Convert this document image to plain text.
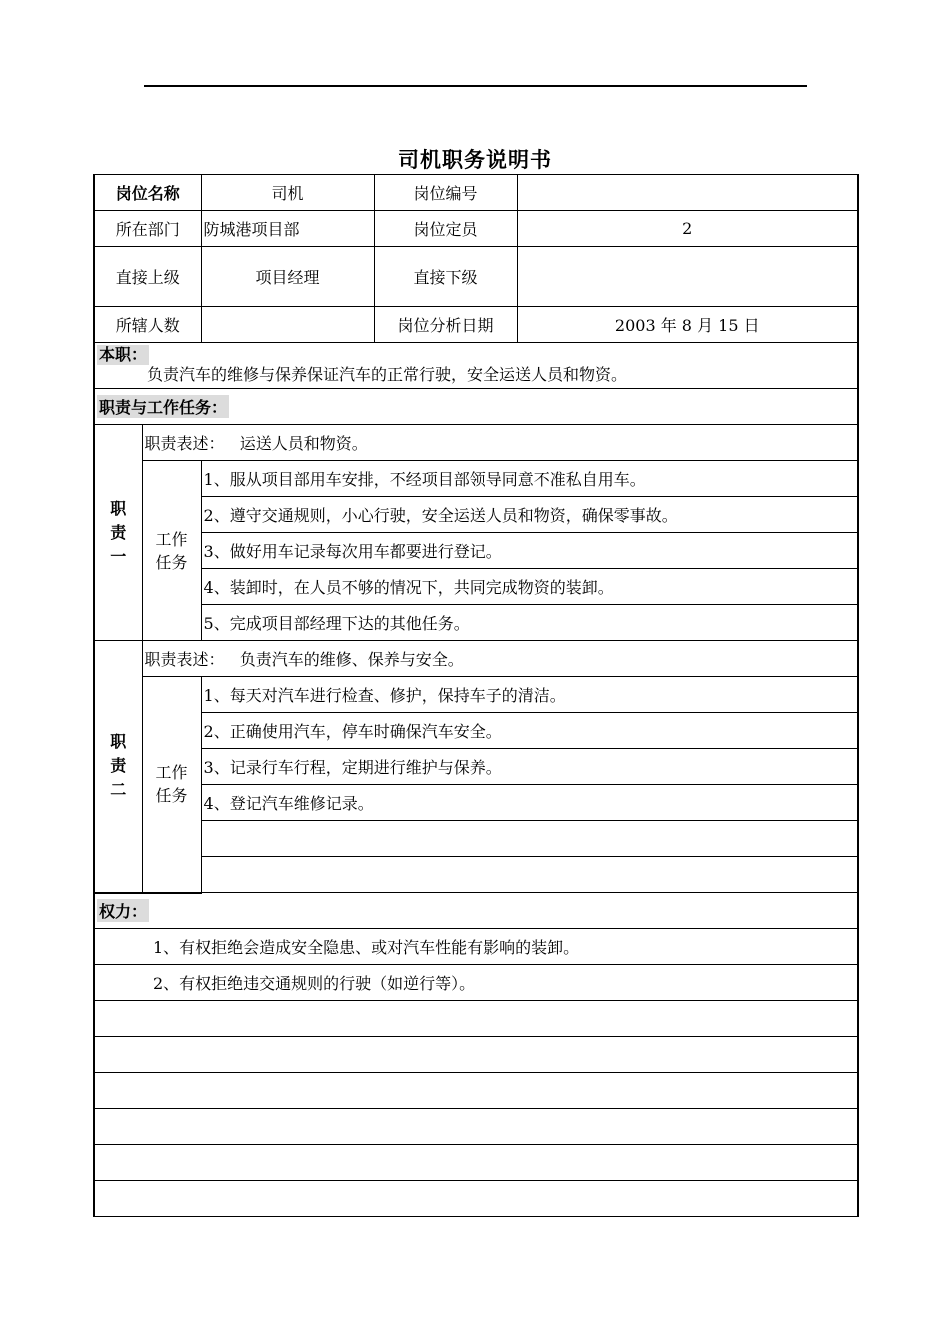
司机职务说明书
岗位名称		司机	岗位编号	
所在部门		防城港项目部	岗位定员	2
直接上级		项目经理	直接下级	
所辖人数			岗位分析日期	2003 年 8 月 15 日

本职：
负责汽车的维修与保养保证汽车的正常行驶，安全运送人员和物资。				

职责与工作任务：				
职
责
一	职责表述： 运送人员和物资。			
	工作
任务	1、服从项目部用车安排，不经项目部领导同意不准私自用车。		
		2、遵守交通规则，小心行驶，安全运送人员和物资，确保零事故。		
		3、做好用车记录每次用车都要进行登记。		
		4、装卸时，在人员不够的情况下，共同完成物资的装卸。		
		5、完成项目部经理下达的其他任务。		
职
责
二	职责表述： 负责汽车的维修、保养与安全。			
	工作
任务	1、每天对汽车进行检查、修护，保持车子的清洁。		
		2、正确使用汽车，停车时确保汽车安全。		
		3、记录行车行程，定期进行维护与保养。		
		4、登记汽车维修记录。		

权力：				
1、有权拒绝会造成安全隐患、或对汽车性能有影响的装卸。				
2、有权拒绝违交通规则的行驶（如逆行等）。				
